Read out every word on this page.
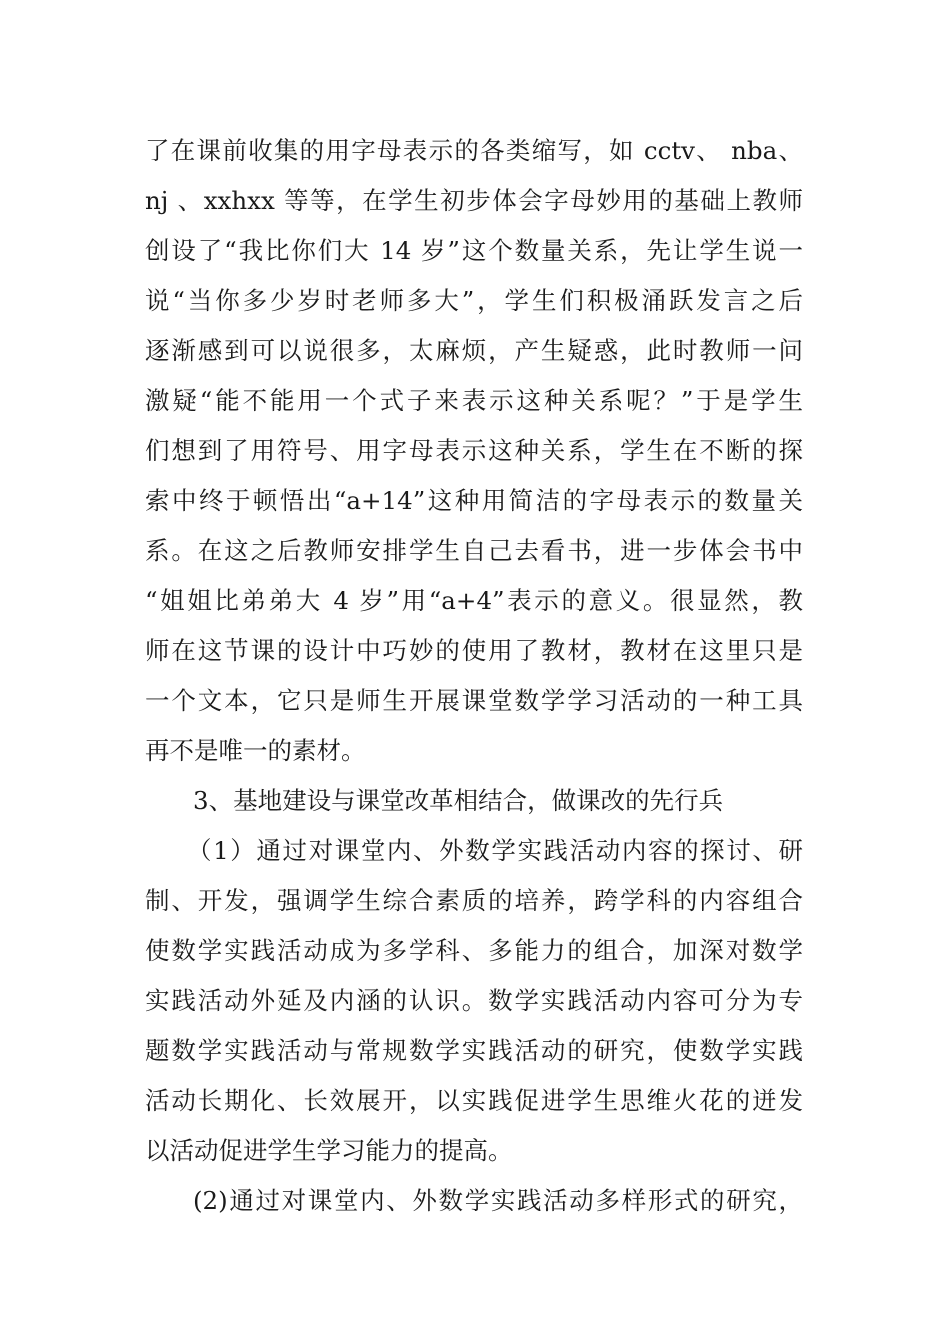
了在课前收集的用字母表示的各类缩写，如 cctv、 nba、
nj 、xxhxx 等等，在学生初步体会字母妙用的基础上教师
创设了“我比你们大 14 岁”这个数量关系，先让学生说一
说“当你多少岁时老师多大”，学生们积极涌跃发言之后
逐渐感到可以说很多，太麻烦，产生疑惑，此时教师一问
激疑“能不能用一个式子来表示这种关系呢？”于是学生
们想到了用符号、用字母表示这种关系，学生在不断的探
索中终于顿悟出“a+14”这种用简洁的字母表示的数量关
系。在这之后教师安排学生自己去看书，进一步体会书中
“姐姐比弟弟大 4 岁”用“a+4”表示的意义。很显然，教
师在这节课的设计中巧妙的使用了教材，教材在这里只是
一个文本，它只是师生开展课堂数学学习活动的一种工具
再不是唯一的素材。
3、基地建设与课堂改革相结合，做课改的先行兵
（1）通过对课堂内、外数学实践活动内容的探讨、研
制、开发，强调学生综合素质的培养，跨学科的内容组合
使数学实践活动成为多学科、多能力的组合，加深对数学
实践活动外延及内涵的认识。数学实践活动内容可分为专
题数学实践活动与常规数学实践活动的研究，使数学实践
活动长期化、长效展开，以实践促进学生思维火花的迸发
以活动促进学生学习能力的提高。
(2)通过对课堂内、外数学实践活动多样形式的研究，
